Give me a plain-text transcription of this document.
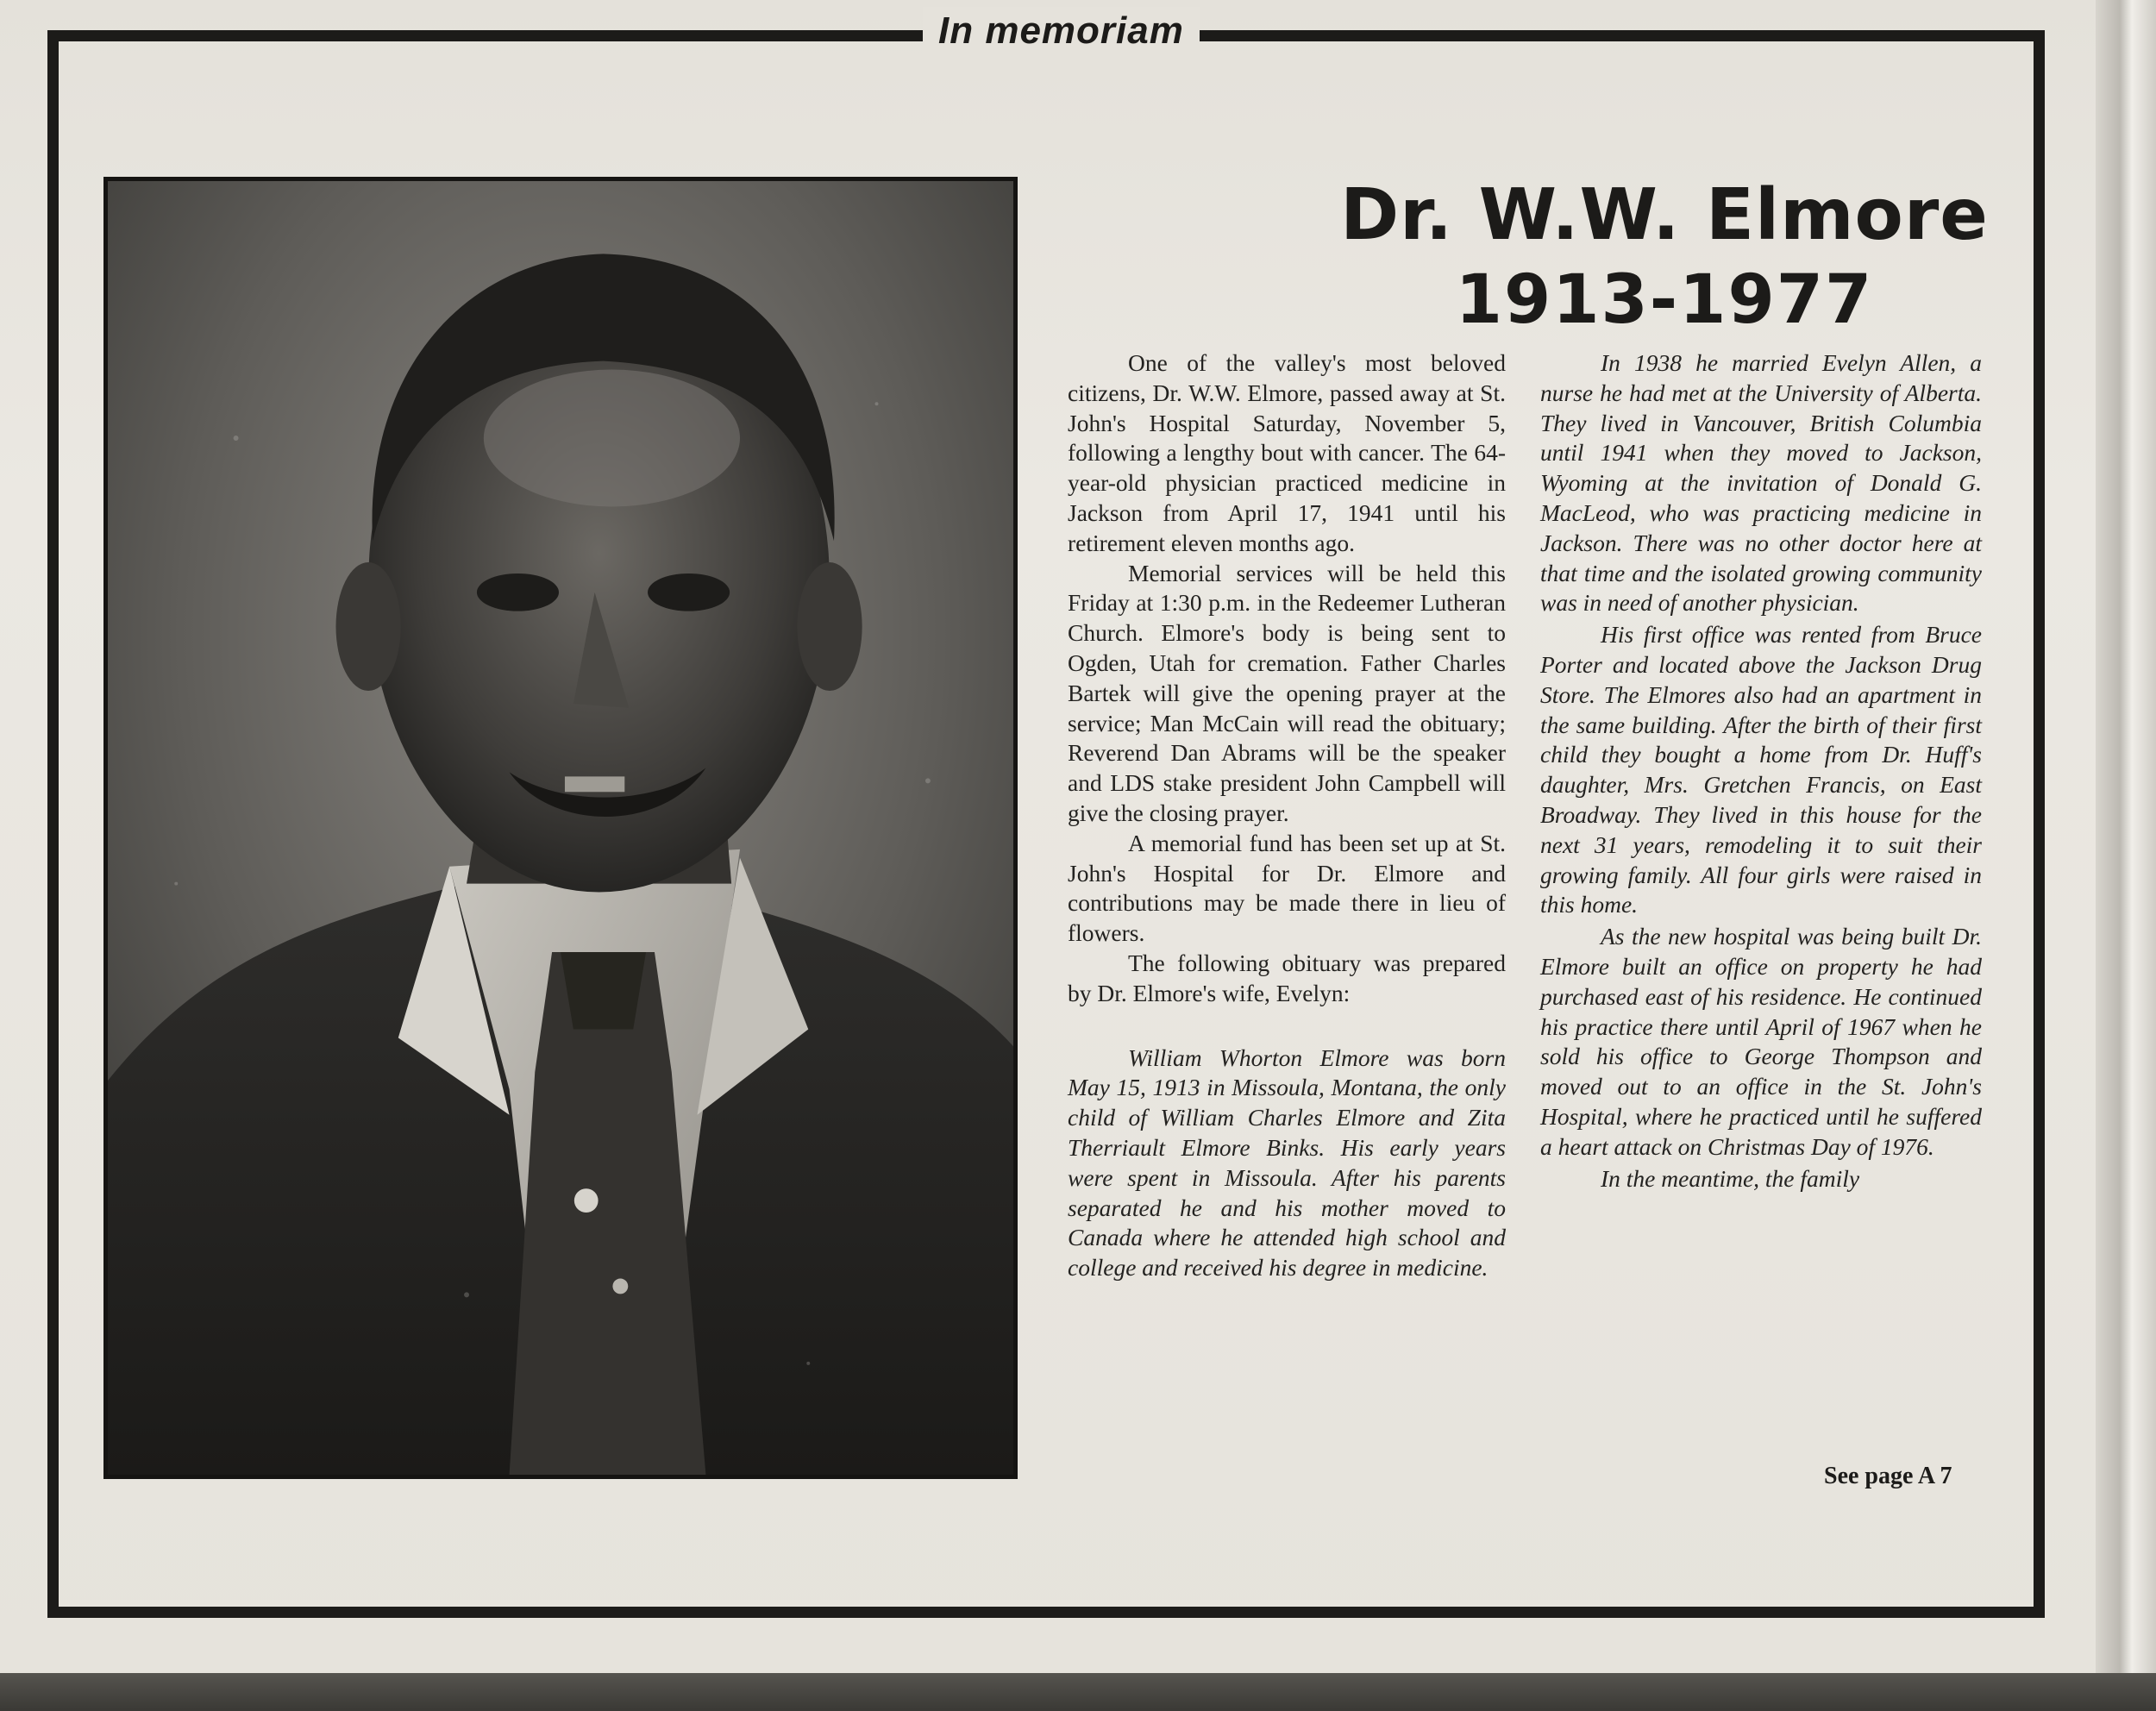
In memoriam
Dr. W.W. Elmore
1913-1977

One of the valley's most beloved citizens, Dr. W.W. Elmore, passed away at St. John's Hospital Saturday, November 5, following a lengthy bout with cancer. The 64-year-old physician practiced medicine in Jackson from April 17, 1941 until his retirement eleven months ago.

Memorial services will be held this Friday at 1:30 p.m. in the Redeemer Lutheran Church. Elmore's body is being sent to Ogden, Utah for cremation. Father Charles Bartek will give the opening prayer at the service; Man McCain will read the obituary; Reverend Dan Abrams will be the speaker and LDS stake president John Campbell will give the closing prayer.

A memorial fund has been set up at St. John's Hospital for Dr. Elmore and contributions may be made there in lieu of flowers.

The following obituary was prepared by Dr. Elmore's wife, Evelyn:

William Whorton Elmore was born May 15, 1913 in Missoula, Montana, the only child of William Charles Elmore and Zita Therriault Elmore Binks. His early years were spent in Missoula. After his parents separated he and his mother moved to Canada where he attended high school and college and received his degree in medicine.

In 1938 he married Evelyn Allen, a nurse he had met at the University of Alberta. They lived in Vancouver, British Columbia until 1941 when they moved to Jackson, Wyoming at the invitation of Donald G. MacLeod, who was practicing medicine in Jackson. There was no other doctor here at that time and the isolated growing community was in need of another physician.

His first office was rented from Bruce Porter and located above the Jackson Drug Store. The Elmores also had an apartment in the same building. After the birth of their first child they bought a home from Dr. Huff's daughter, Mrs. Gretchen Francis, on East Broadway. They lived in this house for the next 31 years, remodeling it to suit their growing family. All four girls were raised in this home.

As the new hospital was being built Dr. Elmore built an office on property he had purchased east of his residence. He continued his practice there until April of 1967 when he sold his office to George Thompson and moved out to an office in the St. John's Hospital, where he practiced until he suffered a heart attack on Christmas Day of 1976.

In the meantime, the family

See page A 7
